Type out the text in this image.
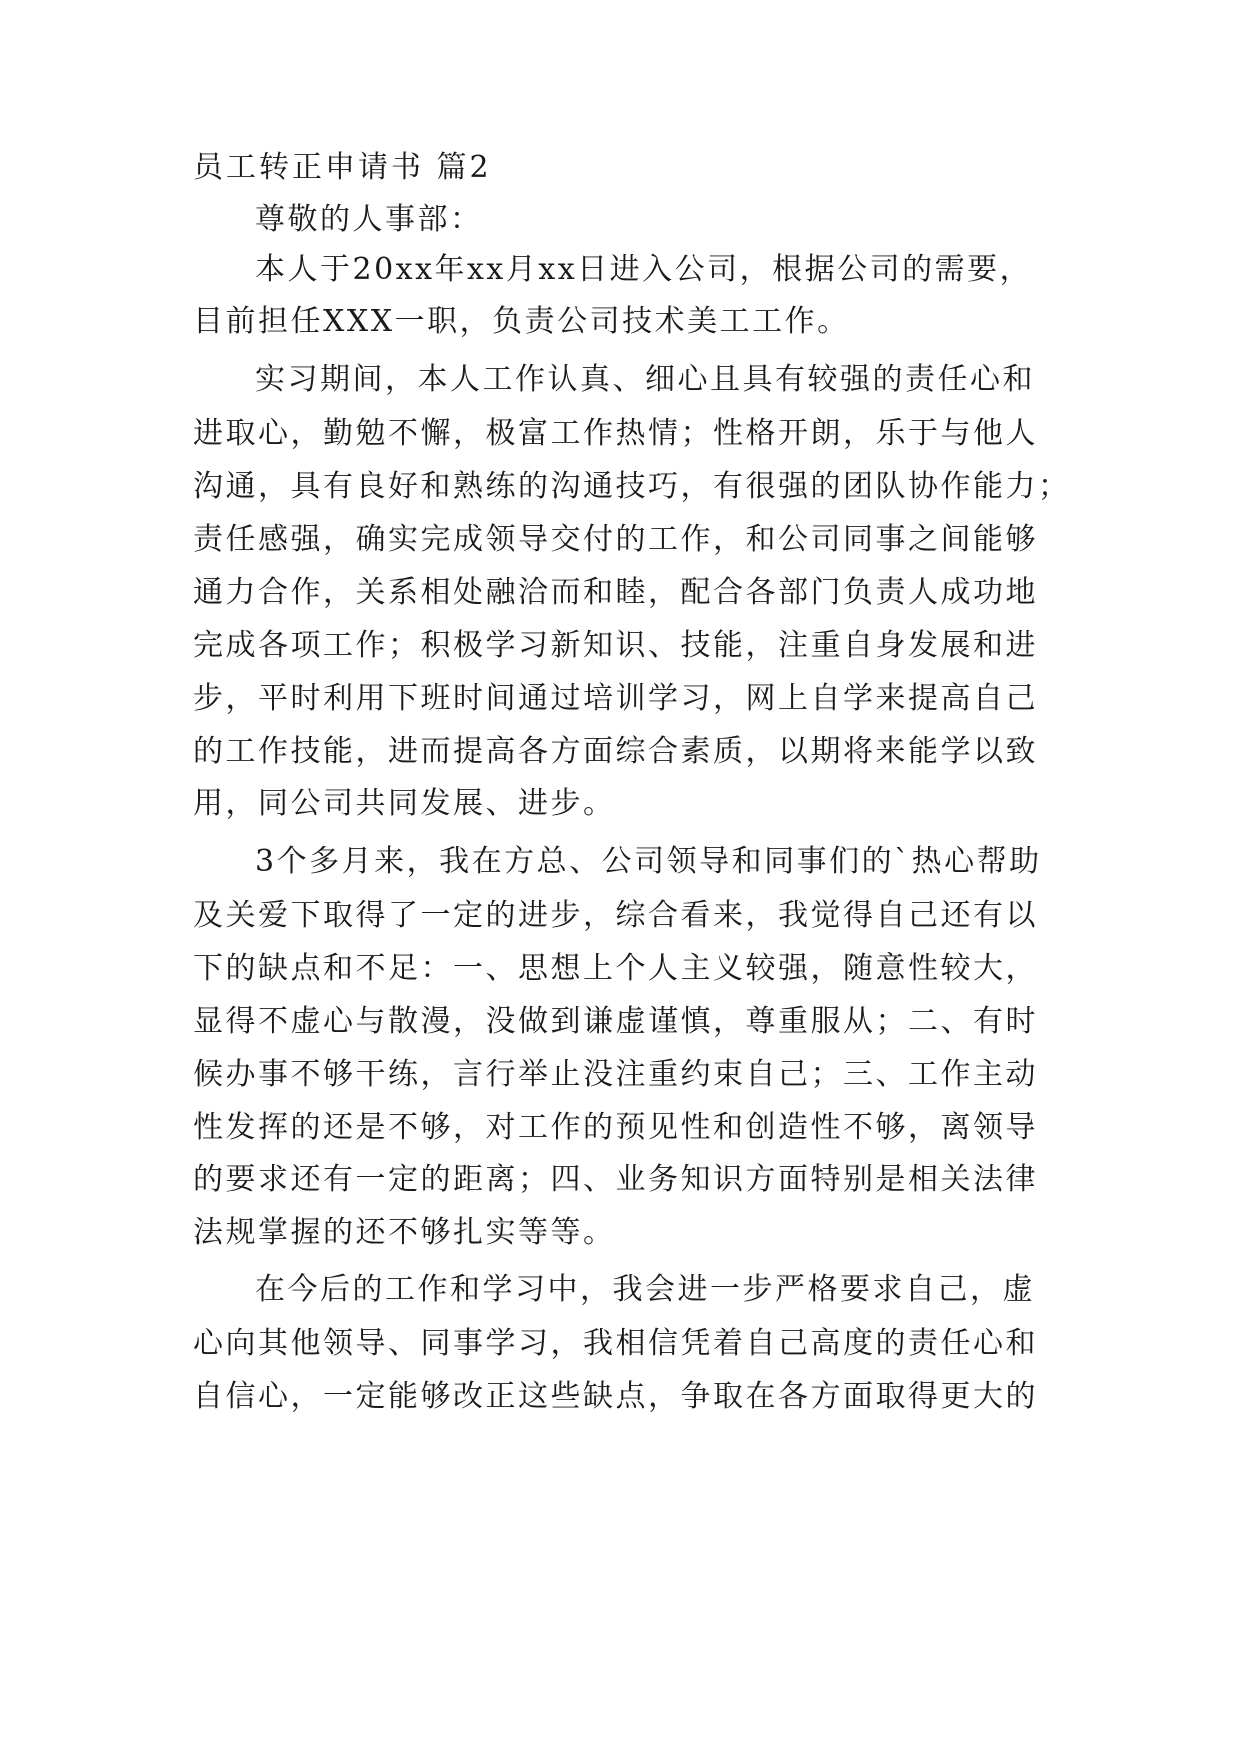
员工转正申请书 篇2
尊敬的人事部：
本人于20xx年xx月xx日进入公司，根据公司的需要，
目前担任XXX一职，负责公司技术美工工作。
实习期间，本人工作认真、细心且具有较强的责任心和
进取心，勤勉不懈，极富工作热情；性格开朗，乐于与他人
沟通，具有良好和熟练的沟通技巧，有很强的团队协作能力；
责任感强，确实完成领导交付的工作，和公司同事之间能够
通力合作，关系相处融洽而和睦，配合各部门负责人成功地
完成各项工作；积极学习新知识、技能，注重自身发展和进
步，平时利用下班时间通过培训学习，网上自学来提高自己
的工作技能，进而提高各方面综合素质，以期将来能学以致
用，同公司共同发展、进步。
3个多月来，我在方总、公司领导和同事们的`热心帮助
及关爱下取得了一定的进步，综合看来，我觉得自己还有以
下的缺点和不足：一、思想上个人主义较强，随意性较大，
显得不虚心与散漫，没做到谦虚谨慎，尊重服从；二、有时
候办事不够干练，言行举止没注重约束自己；三、工作主动
性发挥的还是不够，对工作的预见性和创造性不够，离领导
的要求还有一定的距离；四、业务知识方面特别是相关法律
法规掌握的还不够扎实等等。
在今后的工作和学习中，我会进一步严格要求自己，虚
心向其他领导、同事学习，我相信凭着自己高度的责任心和
自信心，一定能够改正这些缺点，争取在各方面取得更大的
